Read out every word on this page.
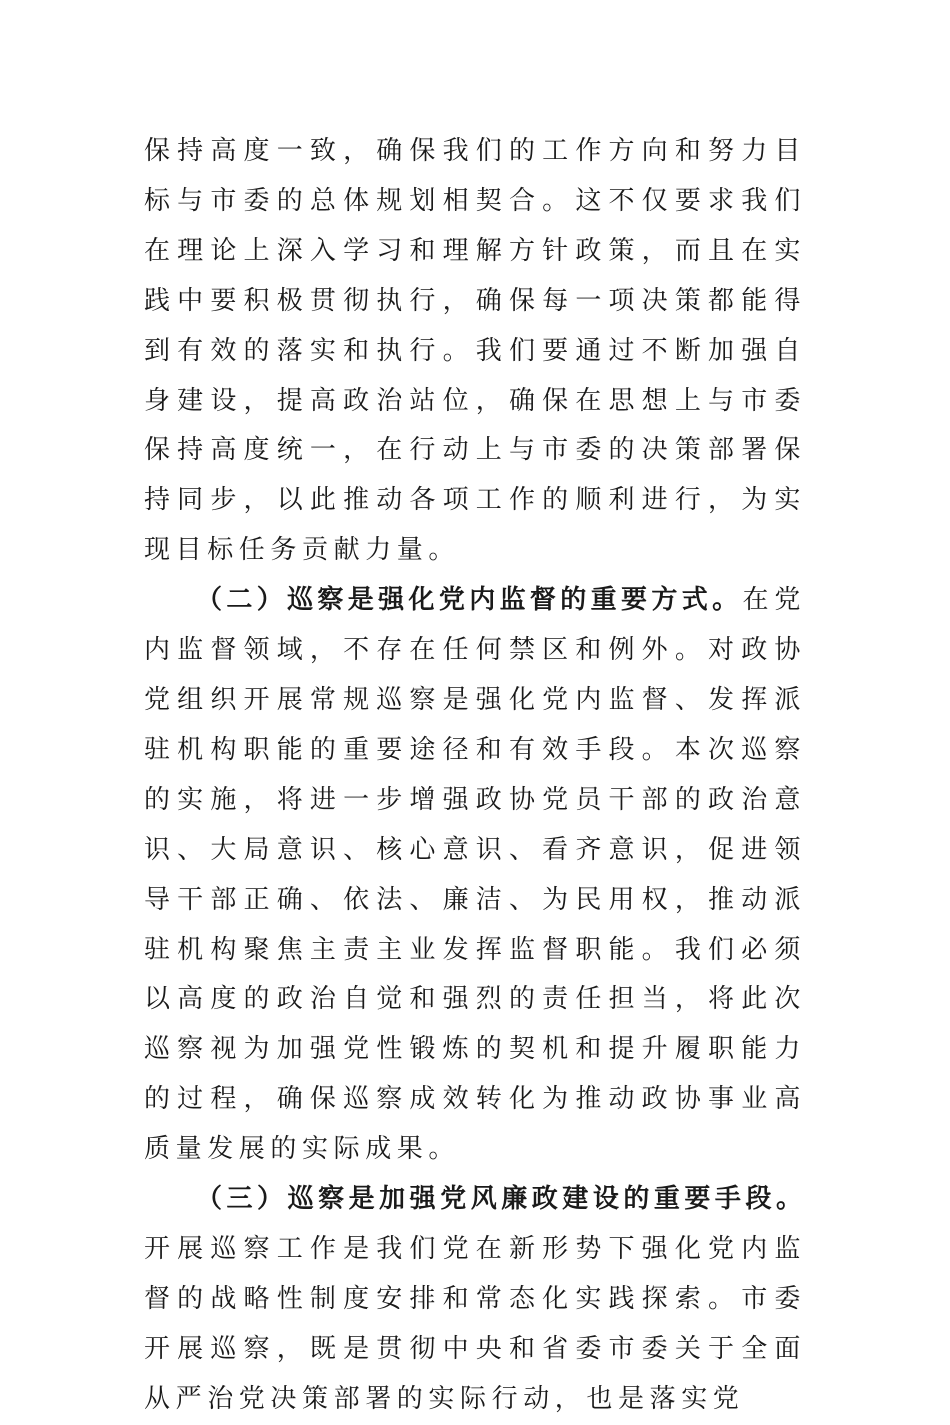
保持高度一致，确保我们的工作方向和努力目标与市委的总体规划相契合。这不仅要求我们在理论上深入学习和理解方针政策，而且在实践中要积极贯彻执行，确保每一项决策都能得到有效的落实和执行。我们要通过不断加强自身建设，提高政治站位，确保在思想上与市委保持高度统一，在行动上与市委的决策部署保持同步，以此推动各项工作的顺利进行，为实现目标任务贡献力量。

（二）巡察是强化党内监督的重要方式。在党内监督领域，不存在任何禁区和例外。对政协党组织开展常规巡察是强化党内监督、发挥派驻机构职能的重要途径和有效手段。本次巡察的实施，将进一步增强政协党员干部的政治意识、大局意识、核心意识、看齐意识，促进领导干部正确、依法、廉洁、为民用权，推动派驻机构聚焦主责主业发挥监督职能。我们必须以高度的政治自觉和强烈的责任担当，将此次巡察视为加强党性锻炼的契机和提升履职能力的过程，确保巡察成效转化为推动政协事业高质量发展的实际成果。

（三）巡察是加强党风廉政建设的重要手段。开展巡察工作是我们党在新形势下强化党内监督的战略性制度安排和常态化实践探索。市委开展巡察，既是贯彻中央和省委市委关于全面从严治党决策部署的实际行动，也是落实党
